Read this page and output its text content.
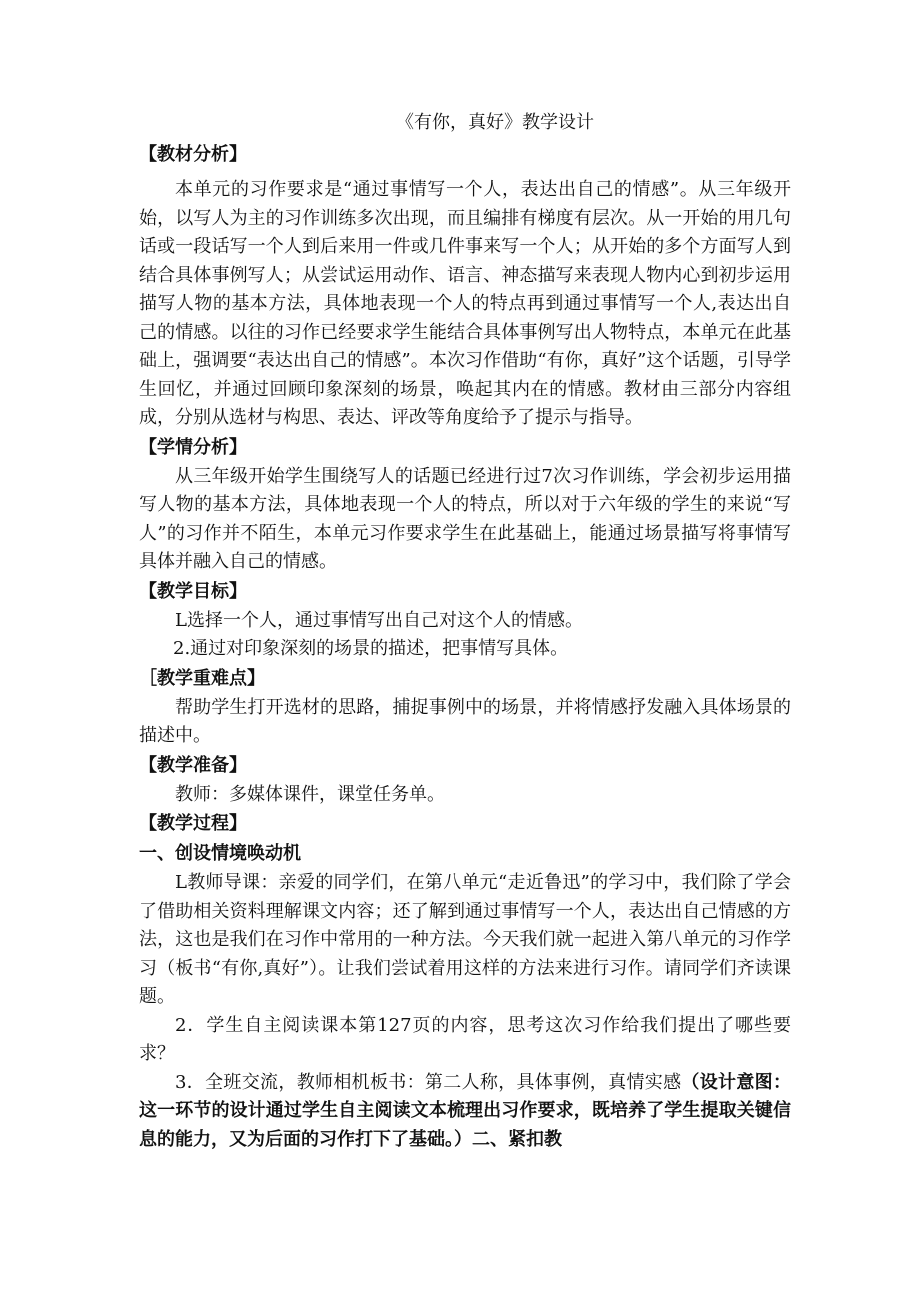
《有你，真好》教学设计

【教材分析】

本单元的习作要求是“通过事情写一个人，表达出自己的情感”。从三年级开始，以写人为主的习作训练多次出现，而且编排有梯度有层次。从一开始的用几句话或一段话写一个人到后来用一件或几件事来写一个人；从开始的多个方面写人到结合具体事例写人；从尝试运用动作、语言、神态描写来表现人物内心到初步运用描写人物的基本方法，具体地表现一个人的特点再到通过事情写一个人,表达出自己的情感。以往的习作已经要求学生能结合具体事例写出人物特点，本单元在此基础上，强调要“表达出自己的情感”。本次习作借助“有你，真好”这个话题，引导学生回忆，并通过回顾印象深刻的场景，唤起其内在的情感。教材由三部分内容组成，分别从选材与构思、表达、评改等角度给予了提示与指导。

【学情分析】

从三年级开始学生围绕写人的话题已经进行过7次习作训练，学会初步运用描写人物的基本方法，具体地表现一个人的特点，所以对于六年级的学生的来说“写人”的习作并不陌生，本单元习作要求学生在此基础上，能通过场景描写将事情写具体并融入自己的情感。

【教学目标】

L选择一个人，通过事情写出自己对这个人的情感。

2.通过对印象深刻的场景的描述，把事情写具体。

［教学重难点】

帮助学生打开选材的思路，捕捉事例中的场景，并将情感抒发融入具体场景的描述中。

【教学准备】

教师：多媒体课件，课堂任务单。

【教学过程】

一、创设情境唤动机

L教师导课：亲爱的同学们，在第八单元“走近鲁迅”的学习中，我们除了学会了借助相关资料理解课文内容；还了解到通过事情写一个人，表达出自己情感的方法，这也是我们在习作中常用的一种方法。今天我们就一起进入第八单元的习作学习（板书“有你,真好”）。让我们尝试着用这样的方法来进行习作。请同学们齐读课题。

2．学生自主阅读课本第127页的内容，思考这次习作给我们提出了哪些要求？

3．全班交流，教师相机板书：第二人称，具体事例，真情实感（设计意图：这一环节的设计通过学生自主阅读文本梳理出习作要求，既培养了学生提取关键信息的能力，又为后面的习作打下了基础。）二、紧扣教
